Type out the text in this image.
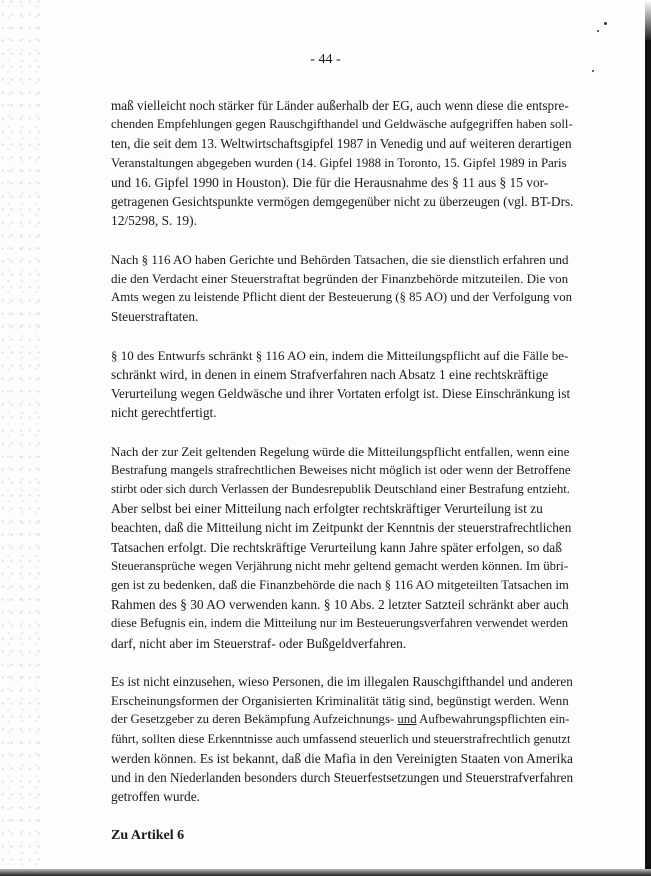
- 44 -

maß vielleicht noch stärker für Länder außerhalb der EG, auch wenn diese die entspre-
chenden Empfehlungen gegen Rauschgifthandel und Geldwäsche aufgegriffen haben soll-
ten, die seit dem 13. Weltwirtschaftsgipfel 1987 in Venedig und auf weiteren derartigen
Veranstaltungen abgegeben wurden (14. Gipfel 1988 in Toronto, 15. Gipfel 1989 in Paris
und 16. Gipfel 1990 in Houston). Die für die Herausnahme des § 11 aus § 15 vor-
getragenen Gesichtspunkte vermögen demgegenüber nicht zu überzeugen (vgl. BT-Drs.
12/5298, S. 19).

Nach § 116 AO haben Gerichte und Behörden Tatsachen, die sie dienstlich erfahren und
die den Verdacht einer Steuerstraftat begründen der Finanzbehörde mitzuteilen. Die von
Amts wegen zu leistende Pflicht dient der Besteuerung (§ 85 AO) und der Verfolgung von
Steuerstraftaten.

§ 10 des Entwurfs schränkt § 116 AO ein, indem die Mitteilungspflicht auf die Fälle be-
schränkt wird, in denen in einem Strafverfahren nach Absatz 1 eine rechtskräftige
Verurteilung wegen Geldwäsche und ihrer Vortaten erfolgt ist. Diese Einschränkung ist
nicht gerechtfertigt.

Nach der zur Zeit geltenden Regelung würde die Mitteilungspflicht entfallen, wenn eine
Bestrafung mangels strafrechtlichen Beweises nicht möglich ist oder wenn der Betroffene
stirbt oder sich durch Verlassen der Bundesrepublik Deutschland einer Bestrafung entzieht.
Aber selbst bei einer Mitteilung nach erfolgter rechtskräftiger Verurteilung ist zu
beachten, daß die Mitteilung nicht im Zeitpunkt der Kenntnis der steuerstrafrechtlichen
Tatsachen erfolgt. Die rechtskräftige Verurteilung kann Jahre später erfolgen, so daß
Steueransprüche wegen Verjährung nicht mehr geltend gemacht werden können. Im übri-
gen ist zu bedenken, daß die Finanzbehörde die nach § 116 AO mitgeteilten Tatsachen im
Rahmen des § 30 AO verwenden kann. § 10 Abs. 2 letzter Satzteil schränkt aber auch
diese Befugnis ein, indem die Mitteilung nur im Besteuerungsverfahren verwendet werden
darf, nicht aber im Steuerstraf- oder Bußgeldverfahren.

Es ist nicht einzusehen, wieso Personen, die im illegalen Rauschgifthandel und anderen
Erscheinungsformen der Organisierten Kriminalität tätig sind, begünstigt werden. Wenn
der Gesetzgeber zu deren Bekämpfung Aufzeichnungs- und Aufbewahrungspflichten ein-
führt, sollten diese Erkenntnisse auch umfassend steuerlich und steuerstrafrechtlich genutzt
werden können. Es ist bekannt, daß die Mafia in den Vereinigten Staaten von Amerika
und in den Niederlanden besonders durch Steuerfestsetzungen und Steuerstrafverfahren
getroffen wurde.

Zu Artikel 6
